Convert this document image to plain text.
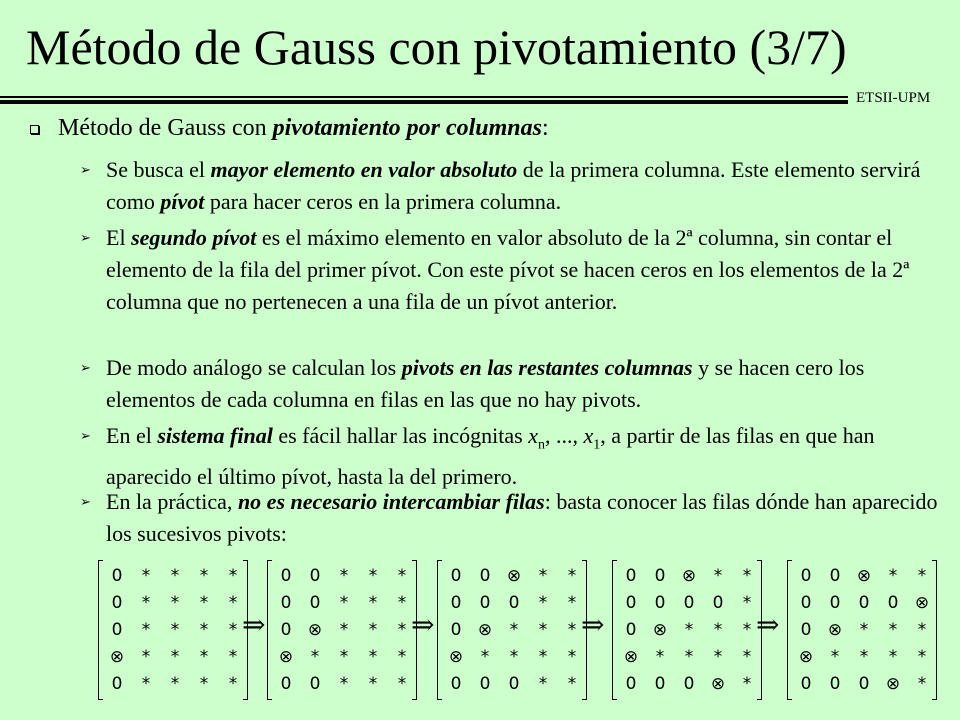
Método de Gauss con pivotamiento (3/7)
ETSII-UPM
Método de Gauss con pivotamiento por columnas:
➢ Se busca el mayor elemento en valor absoluto de la primera columna. Este elemento servirá como pívot para hacer ceros en la primera columna.
➢ El segundo pívot es el máximo elemento en valor absoluto de la 2ª columna, sin contar el elemento de la fila del primer pívot. Con este pívot se hacen ceros en los elementos de la 2ª columna que no pertenecen a una fila de un pívot anterior.
➢ De modo análogo se calculan los pivots en las restantes columnas y se hacen cero los elementos de cada columna en filas en las que no hay pivots.
➢ En el sistema final es fácil hallar las incógnitas $x_n$, ..., $x_1$, a partir de las filas en que han aparecido el último pívot, hasta la del primero.
➢ En la práctica, no es necesario intercambiar filas: basta conocer las filas dónde han aparecido los sucesivos pivots:
0	*	*	*	*
0	*	*	*	*
0	*	*	*	*
⊗	*	*	*	*
0	*	*	*	*
⇒
0	0	*	*	*
0	0	*	*	*
0 ⊗	*	*	*
⊗	*	*	*	*
0	0	*	*	*
⇒
0	0 ⊗	*	*
0	0	0	*	*
0 ⊗	*	*	*
⊗	*	*	*	*
0	0	0	*	*
⇒
0	0 ⊗	*	*
0	0	0	0	*
0 ⊗	*	*	*
⊗	*	*	*	*
0	0	0 ⊗	*
⇒
0	0 ⊗	*	*
0	0	0	0 ⊗
0 ⊗	*	*	*
⊗	*	*	*	*
0	0	0 ⊗	*
